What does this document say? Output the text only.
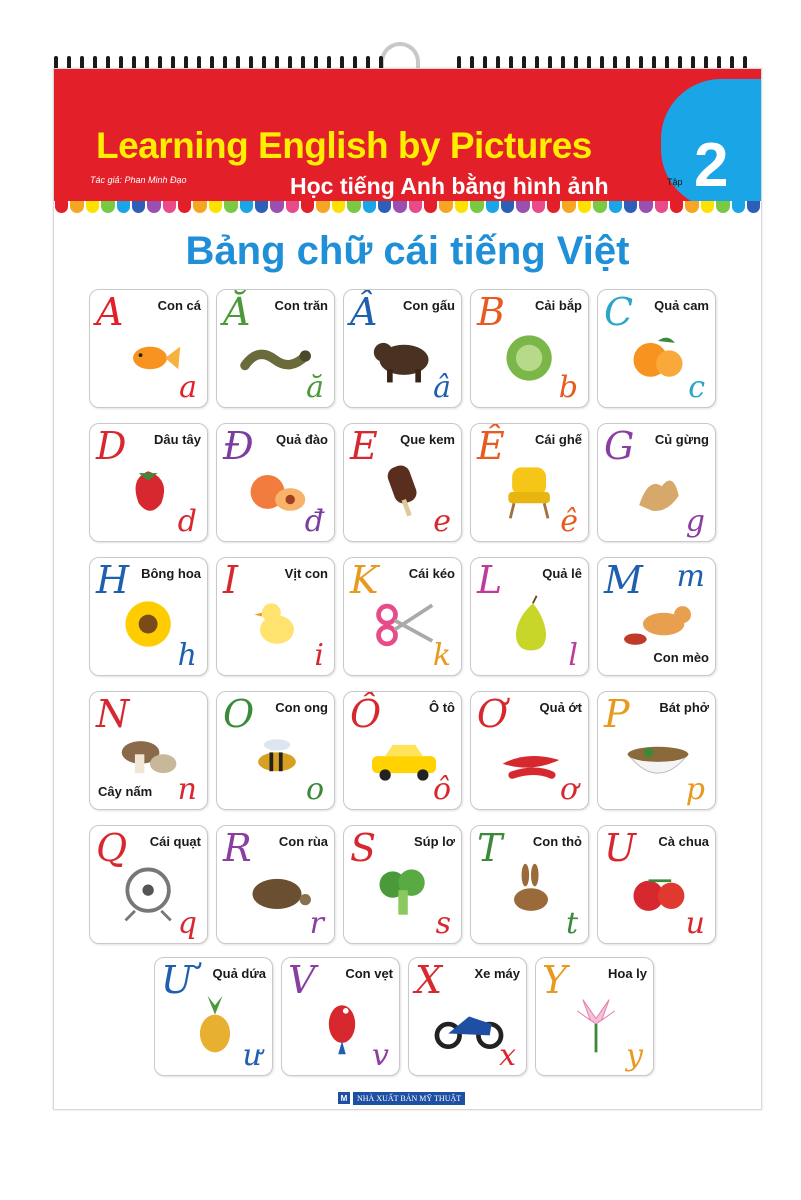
Learning English by Pictures
Tác giả: Phan Minh Đạo	Học tiếng Anh bằng hình ảnh	Tập 2
Bảng chữ cái tiếng Việt
A	Con cá
a
Ă Con trăn
ă
Â Con gấu
â
B Cải bắp
b
C Quả cam
c
D Dâu tây
d
Đ Quả đào
đ
E Que kem
e
Ê Cái ghế
ê
G Củ gừng
g
H Bông hoa
h
I	Vịt con
i
K Cái kéo
k
L	Quả lê
l
M
Con mèo
m
N
Cây nấm n
O Con ong
o
Ô	Ô tô
ô
Ơ Quả ớt
ơ
P Bát phở
p
Q Cái quạt
q
R Con rùa
r
S	Súp lơ
s
T Con thỏ
t
U Cà chua
u
Ư Quả dứa
ư
V Con vẹt
v
X Xe máy
x
Y	Hoa ly
y
M	NHÀ XUẤT BẢN MỸ THUẬT
